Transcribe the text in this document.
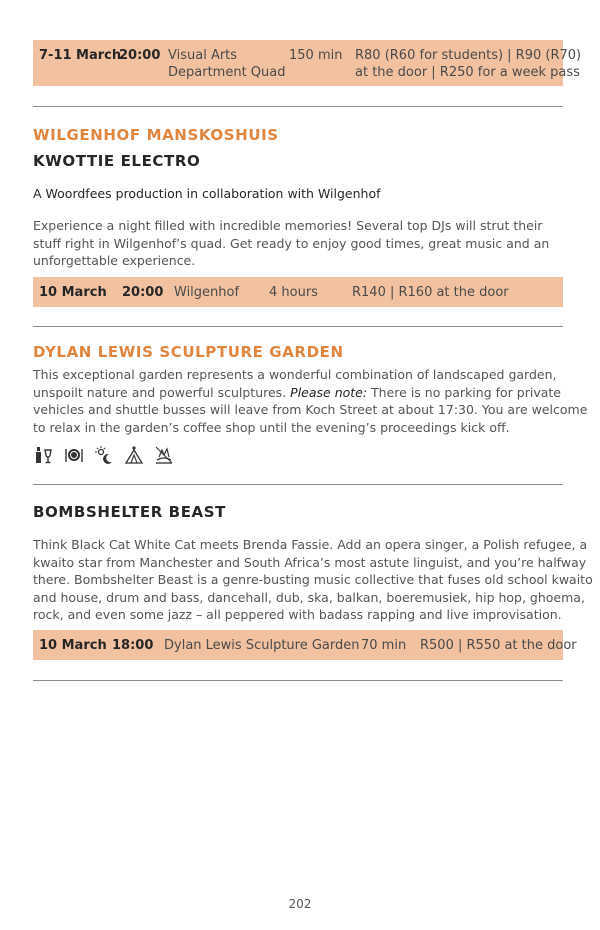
7-11 March
20:00 Visual Arts
Department Quad
150 min R80 (R60 for students) | R90 (R70)
at the door | R250 for a week pass
WILGENHOF MANSKOSHUIS
KWOTTIE ELECTRO
A Woordfees production in collaboration with Wilgenhof

Experience a night filled with incredible memories! Several top DJs will strut their

stuff right in Wilgenhof’s quad. Get ready to enjoy good times, great music and an

unforgettable experience.

10 March 20:00 Wilgenhof 4 hours	R140 | R160 at the door
DYLAN LEWIS SCULPTURE GARDEN

This exceptional garden represents a wonderful combination of landscaped garden,

unspoilt nature and powerful sculptures. Please note: There is no parking for private

vehicles and shuttle busses will leave from Koch Street at about 17:30. You are welcome

to relax in the garden’s coffee shop until the evening’s proceedings kick off.

BOMBSHELTER BEAST

Think Black Cat White Cat meets Brenda Fassie. Add an opera singer, a Polish refugee, a

kwaito star from Manchester and South Africa’s most astute linguist, and you’re halfway

there. Bombshelter Beast is a genre-busting music collective that fuses old school kwaito

and house, drum and bass, dancehall, dub, ska, balkan, boeremusiek, hip hop, ghoema,

rock, and even some jazz – all peppered with badass rapping and live improvisation.

10 March 18:00 Dylan Lewis Sculpture Garden 70 min R500 | R550 at the door
202
